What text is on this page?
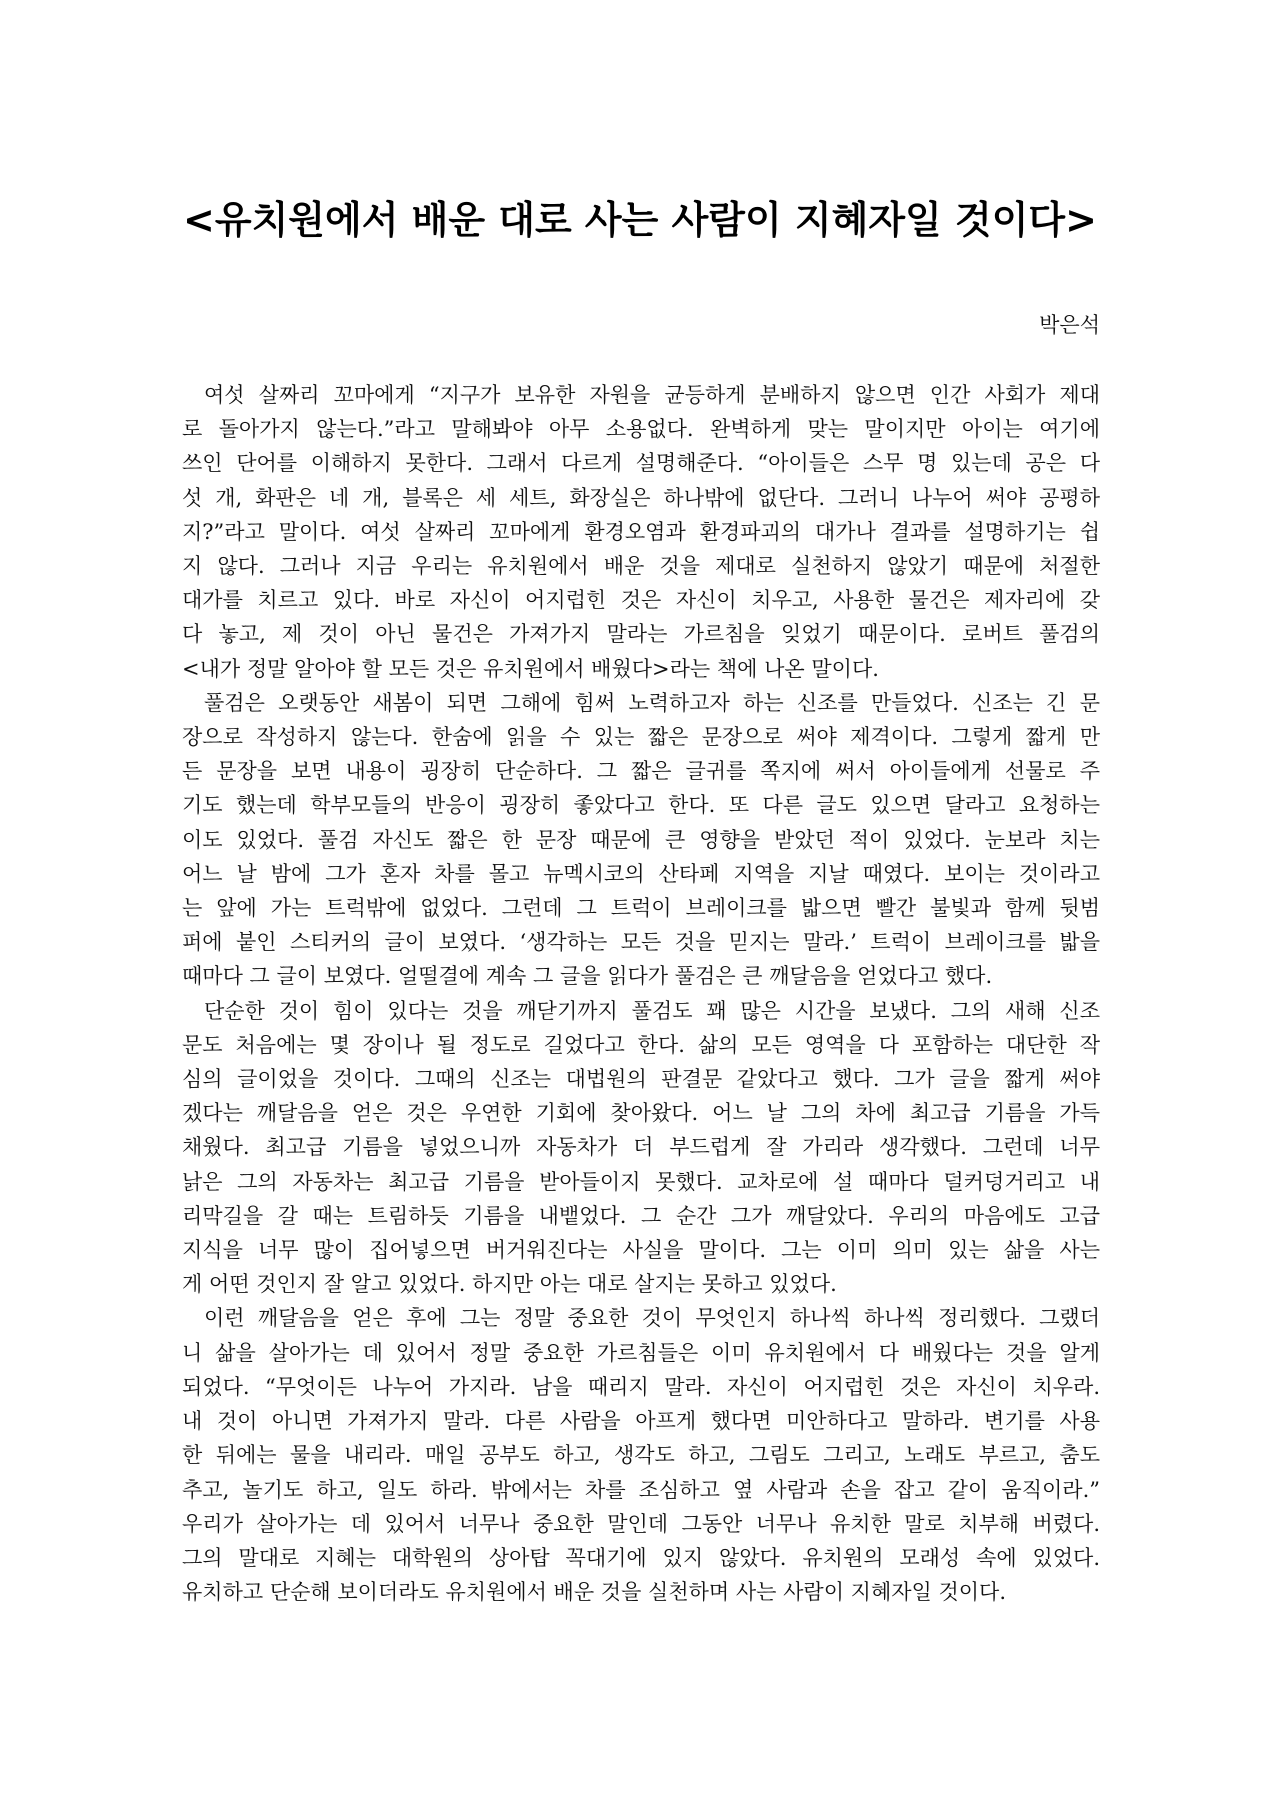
<유치원에서 배운 대로 사는 사람이 지혜자일 것이다>
박은석
여섯 살짜리 꼬마에게 “지구가 보유한 자원을 균등하게 분배하지 않으면 인간 사회가 제대
로 돌아가지 않는다.”라고 말해봐야 아무 소용없다. 완벽하게 맞는 말이지만 아이는 여기에
쓰인 단어를 이해하지 못한다. 그래서 다르게 설명해준다. “아이들은 스무 명 있는데 공은 다
섯 개, 화판은 네 개, 블록은 세 세트, 화장실은 하나밖에 없단다. 그러니 나누어 써야 공평하
지?”라고 말이다. 여섯 살짜리 꼬마에게 환경오염과 환경파괴의 대가나 결과를 설명하기는 쉽
지 않다. 그러나 지금 우리는 유치원에서 배운 것을 제대로 실천하지 않았기 때문에 처절한
대가를 치르고 있다. 바로 자신이 어지럽힌 것은 자신이 치우고, 사용한 물건은 제자리에 갖
다 놓고, 제 것이 아닌 물건은 가져가지 말라는 가르침을 잊었기 때문이다. 로버트 풀검의
<내가 정말 알아야 할 모든 것은 유치원에서 배웠다>라는 책에 나온 말이다.
풀검은 오랫동안 새봄이 되면 그해에 힘써 노력하고자 하는 신조를 만들었다. 신조는 긴 문
장으로 작성하지 않는다. 한숨에 읽을 수 있는 짧은 문장으로 써야 제격이다. 그렇게 짧게 만
든 문장을 보면 내용이 굉장히 단순하다. 그 짧은 글귀를 쪽지에 써서 아이들에게 선물로 주
기도 했는데 학부모들의 반응이 굉장히 좋았다고 한다. 또 다른 글도 있으면 달라고 요청하는
이도 있었다. 풀검 자신도 짧은 한 문장 때문에 큰 영향을 받았던 적이 있었다. 눈보라 치는
어느 날 밤에 그가 혼자 차를 몰고 뉴멕시코의 산타페 지역을 지날 때였다. 보이는 것이라고
는 앞에 가는 트럭밖에 없었다. 그런데 그 트럭이 브레이크를 밟으면 빨간 불빛과 함께 뒷범
퍼에 붙인 스티커의 글이 보였다. ‘생각하는 모든 것을 믿지는 말라.’ 트럭이 브레이크를 밟을
때마다 그 글이 보였다. 얼떨결에 계속 그 글을 읽다가 풀검은 큰 깨달음을 얻었다고 했다.
단순한 것이 힘이 있다는 것을 깨닫기까지 풀검도 꽤 많은 시간을 보냈다. 그의 새해 신조
문도 처음에는 몇 장이나 될 정도로 길었다고 한다. 삶의 모든 영역을 다 포함하는 대단한 작
심의 글이었을 것이다. 그때의 신조는 대법원의 판결문 같았다고 했다. 그가 글을 짧게 써야
겠다는 깨달음을 얻은 것은 우연한 기회에 찾아왔다. 어느 날 그의 차에 최고급 기름을 가득
채웠다. 최고급 기름을 넣었으니까 자동차가 더 부드럽게 잘 가리라 생각했다. 그런데 너무
낡은 그의 자동차는 최고급 기름을 받아들이지 못했다. 교차로에 설 때마다 덜커덩거리고 내
리막길을 갈 때는 트림하듯 기름을 내뱉었다. 그 순간 그가 깨달았다. 우리의 마음에도 고급
지식을 너무 많이 집어넣으면 버거워진다는 사실을 말이다. 그는 이미 의미 있는 삶을 사는
게 어떤 것인지 잘 알고 있었다. 하지만 아는 대로 살지는 못하고 있었다.
이런 깨달음을 얻은 후에 그는 정말 중요한 것이 무엇인지 하나씩 하나씩 정리했다. 그랬더
니 삶을 살아가는 데 있어서 정말 중요한 가르침들은 이미 유치원에서 다 배웠다는 것을 알게
되었다. “무엇이든 나누어 가지라. 남을 때리지 말라. 자신이 어지럽힌 것은 자신이 치우라.
내 것이 아니면 가져가지 말라. 다른 사람을 아프게 했다면 미안하다고 말하라. 변기를 사용
한 뒤에는 물을 내리라. 매일 공부도 하고, 생각도 하고, 그림도 그리고, 노래도 부르고, 춤도
추고, 놀기도 하고, 일도 하라. 밖에서는 차를 조심하고 옆 사람과 손을 잡고 같이 움직이라.”
우리가 살아가는 데 있어서 너무나 중요한 말인데 그동안 너무나 유치한 말로 치부해 버렸다.
그의 말대로 지혜는 대학원의 상아탑 꼭대기에 있지 않았다. 유치원의 모래성 속에 있었다.
유치하고 단순해 보이더라도 유치원에서 배운 것을 실천하며 사는 사람이 지혜자일 것이다.
